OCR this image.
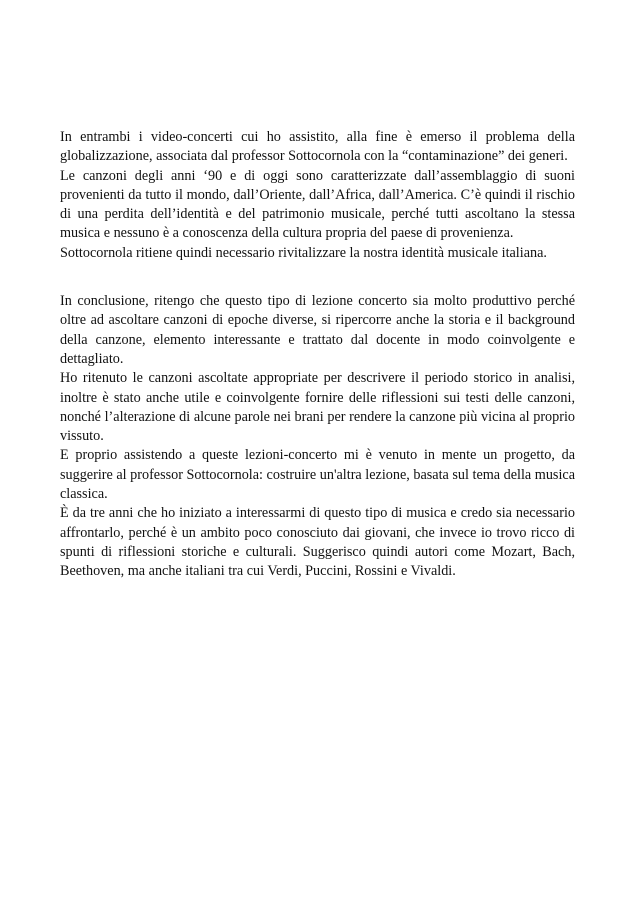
In entrambi i video-concerti cui ho assistito, alla fine è emerso il problema della globalizzazione, associata dal professor Sottocornola con la “contaminazione” dei generi.

Le canzoni degli anni ‘90 e di oggi sono caratterizzate dall’assemblaggio di suoni provenienti da tutto il mondo, dall’Oriente, dall’Africa, dall’America. C’è quindi il rischio di una perdita dell’identità e del patrimonio musicale, perché tutti ascoltano la stessa musica e nessuno è a conoscenza della cultura propria del paese di provenienza.

Sottocornola ritiene quindi necessario rivitalizzare la nostra identità musicale italiana.

In conclusione, ritengo che questo tipo di lezione concerto sia molto produttivo perché oltre ad ascoltare canzoni di epoche diverse, si ripercorre anche la storia e il background della canzone, elemento interessante e trattato dal docente in modo coinvolgente e dettagliato.

Ho ritenuto le canzoni ascoltate appropriate per descrivere il periodo storico in analisi, inoltre è stato anche utile e coinvolgente fornire delle riflessioni sui testi delle canzoni, nonché l’alterazione di alcune parole nei brani per rendere la canzone più vicina al proprio vissuto.

E proprio assistendo a queste lezioni-concerto mi è venuto in mente un progetto, da suggerire al professor Sottocornola: costruire un'altra lezione, basata sul tema della musica classica.

È da tre anni che ho iniziato a interessarmi di questo tipo di musica e credo sia necessario affrontarlo, perché è un ambito poco conosciuto dai giovani, che invece io trovo ricco di spunti di riflessioni storiche e culturali. Suggerisco quindi autori come Mozart, Bach, Beethoven, ma anche italiani tra cui Verdi, Puccini, Rossini e Vivaldi.
